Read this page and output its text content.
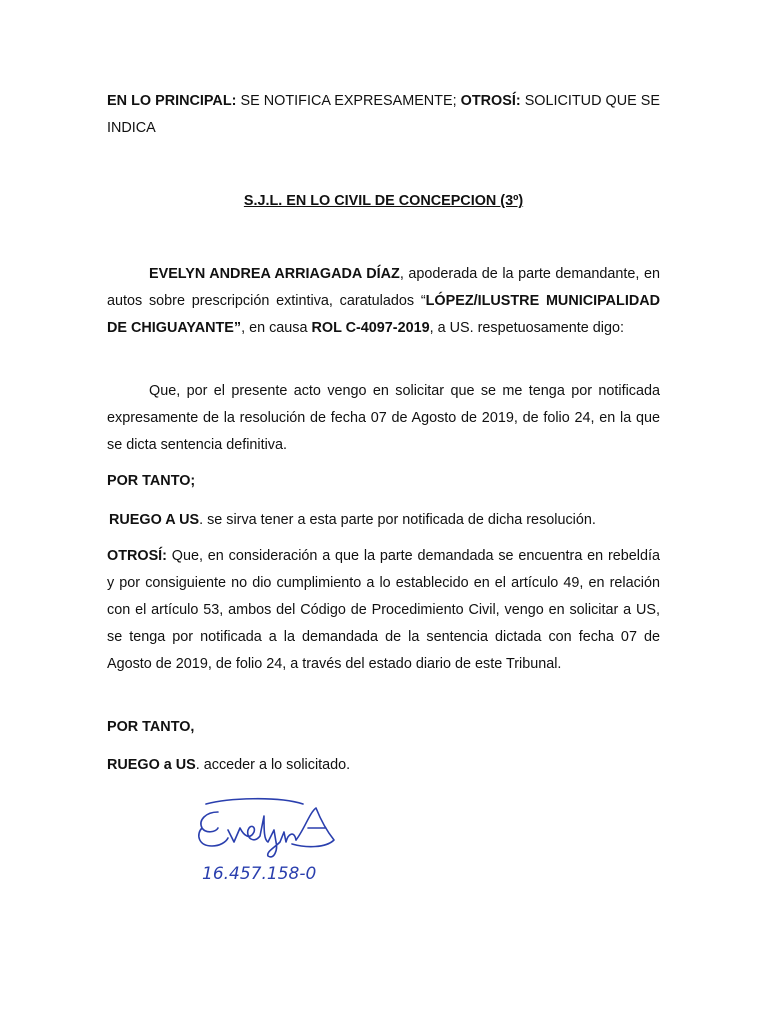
EN LO PRINCIPAL: SE NOTIFICA EXPRESAMENTE; OTROSÍ: SOLICITUD QUE SE INDICA
S.J.L. EN LO CIVIL DE CONCEPCION (3º)
EVELYN ANDREA ARRIAGADA DÍAZ, apoderada de la parte demandante, en autos sobre prescripción extintiva, caratulados “LÓPEZ/ILUSTRE MUNICIPALIDAD DE CHIGUAYANTE”, en causa ROL C-4097-2019, a US. respetuosamente digo:
Que, por el presente acto vengo en solicitar que se me tenga por notificada expresamente de la resolución de fecha 07 de Agosto de 2019, de folio 24, en la que se dicta sentencia definitiva.
POR TANTO;
RUEGO A US. se sirva tener a esta parte por notificada de dicha resolución.
OTROSÍ: Que, en consideración a que la parte demandada se encuentra en rebeldía y por consiguiente no dio cumplimiento a lo establecido en el artículo 49, en relación con el artículo 53, ambos del Código de Procedimiento Civil, vengo en solicitar a US, se tenga por notificada a la demandada de la sentencia dictada con fecha 07 de Agosto de 2019, de folio 24, a través del estado diario de este Tribunal.
POR TANTO,
RUEGO a US. acceder a lo solicitado.
16.457.158-0
